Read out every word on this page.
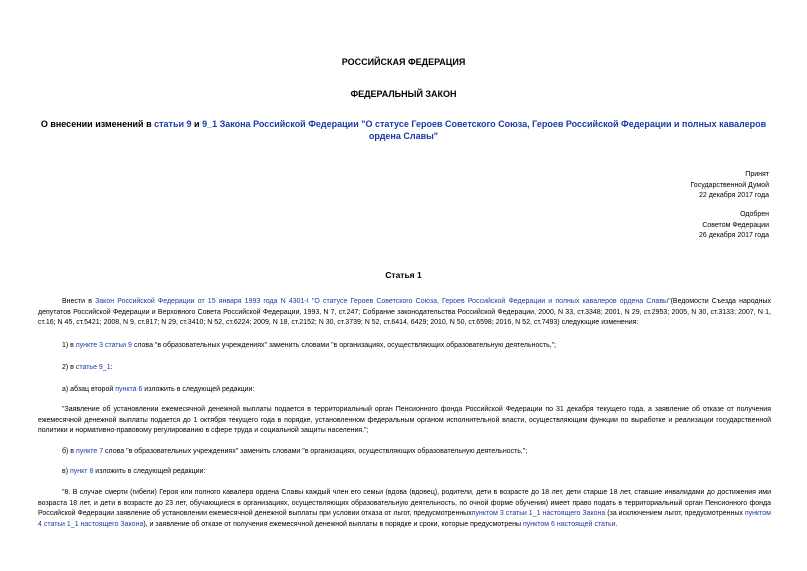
РОССИЙСКАЯ ФЕДЕРАЦИЯ
ФЕДЕРАЛЬНЫЙ ЗАКОН
О внесении изменений в статьи 9 и 9_1 Закона Российской Федерации "О статусе Героев Советского Союза, Героев Российской Федерации и полных кавалеров ордена Славы"
Принят
Государственной Думой
22 декабря 2017 года
Одобрен
Советом Федерации
26 декабря 2017 года
Статья 1
Внести в Закон Российской Федерации от 15 января 1993 года N 4301-I "О статусе Героев Советского Союза, Героев Российской Федерации и полных кавалеров ордена Славы"(Ведомости Съезда народных депутатов Российской Федерации и Верховного Совета Российской Федерации, 1993, N 7, ст.247; Собрание законодательства Российской Федерации, 2000, N 33, ст.3348; 2001, N 29, ст.2953; 2005, N 30, ст.3133; 2007, N 1, ст.16; N 45, ст.5421; 2008, N 9, ст.817; N 29, ст.3410; N 52, ст.6224; 2009, N 18, ст.2152; N 30, ст.3739; N 52, ст.6414, 6429; 2010, N 50, ст.6598; 2016, N 52, ст.7493) следующие изменения:
1) в пункте 3 статьи 9 слова "в образовательных учреждениях" заменить словами "в организациях, осуществляющих образовательную деятельность,";
2) в статье 9_1:
а) абзац второй пункта 6 изложить в следующей редакции:
"Заявление об установлении ежемесячной денежной выплаты подается в территориальный орган Пенсионного фонда Российской Федерации по 31 декабря текущего года, а заявление об отказе от получения ежемесячной денежной выплаты подается до 1 октября текущего года в порядке, установленном федеральным органом исполнительной власти, осуществляющим функции по выработке и реализации государственной политики и нормативно-правовому регулированию в сфере труда и социальной защиты населения.";
б) в пункте 7 слова "в образовательных учреждениях" заменить словами "в организациях, осуществляющих образовательную деятельность,";
в) пункт 8 изложить в следующей редакции:
"8. В случае смерти (гибели) Героя или полного кавалера ордена Славы каждый член его семьи (вдова (вдовец), родители, дети в возрасте до 18 лет, дети старше 18 лет, ставшие инвалидами до достижения ими возраста 18 лет, и дети в возрасте до 23 лет, обучающиеся в организациях, осуществляющих образовательную деятельность, по очной форме обучения) имеет право подать в территориальный орган Пенсионного фонда Российской Федерации заявление об установлении ежемесячной денежной выплаты при условии отказа от льгот, предусмотренныхпунктом 3 статьи 1_1 настоящего Закона (за исключением льгот, предусмотренных пунктом 4 статьи 1_1 настоящего Закона), и заявление об отказе от получения ежемесячной денежной выплаты в порядке и сроки, которые предусмотрены пунктом 6 настоящей статьи.
